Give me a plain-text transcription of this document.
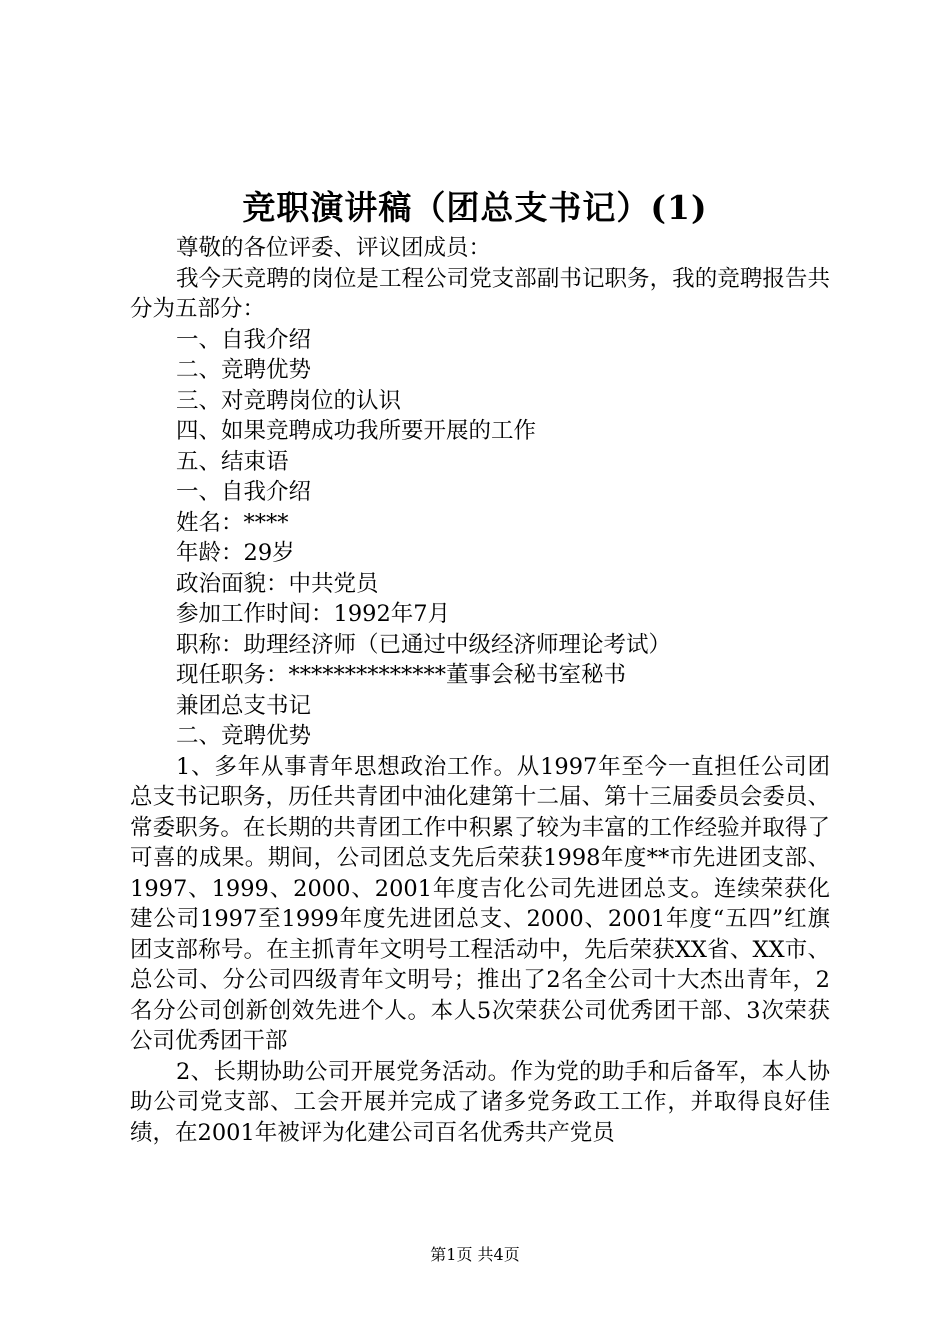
竞职演讲稿（团总支书记）(1)

尊敬的各位评委、评议团成员：

我今天竞聘的岗位是工程公司党支部副书记职务，我的竞聘报告共分为五部分：

一、自我介绍

二、竞聘优势

三、对竞聘岗位的认识

四、如果竞聘成功我所要开展的工作

五、结束语

一、自我介绍

姓名：****

年龄：29岁

政治面貌：中共党员

参加工作时间：1992年7月

职称：助理经济师（已通过中级经济师理论考试）

现任职务：**************董事会秘书室秘书

兼团总支书记

二、竞聘优势

1、多年从事青年思想政治工作。从1997年至今一直担任公司团总支书记职务，历任共青团中油化建第十二届、第十三届委员会委员、常委职务。在长期的共青团工作中积累了较为丰富的工作经验并取得了可喜的成果。期间，公司团总支先后荣获1998年度**市先进团支部、1997、1999、2000、2001年度吉化公司先进团总支。连续荣获化建公司1997至1999年度先进团总支、2000、2001年度“五四”红旗团支部称号。在主抓青年文明号工程活动中，先后荣获XX省、XX市、总公司、分公司四级青年文明号；推出了2名全公司十大杰出青年，2名分公司创新创效先进个人。本人5次荣获公司优秀团干部、3次荣获公司优秀团干部

2、长期协助公司开展党务活动。作为党的助手和后备军，本人协助公司党支部、工会开展并完成了诸多党务政工工作，并取得良好佳绩，在2001年被评为化建公司百名优秀共产党员

第1页 共4页
